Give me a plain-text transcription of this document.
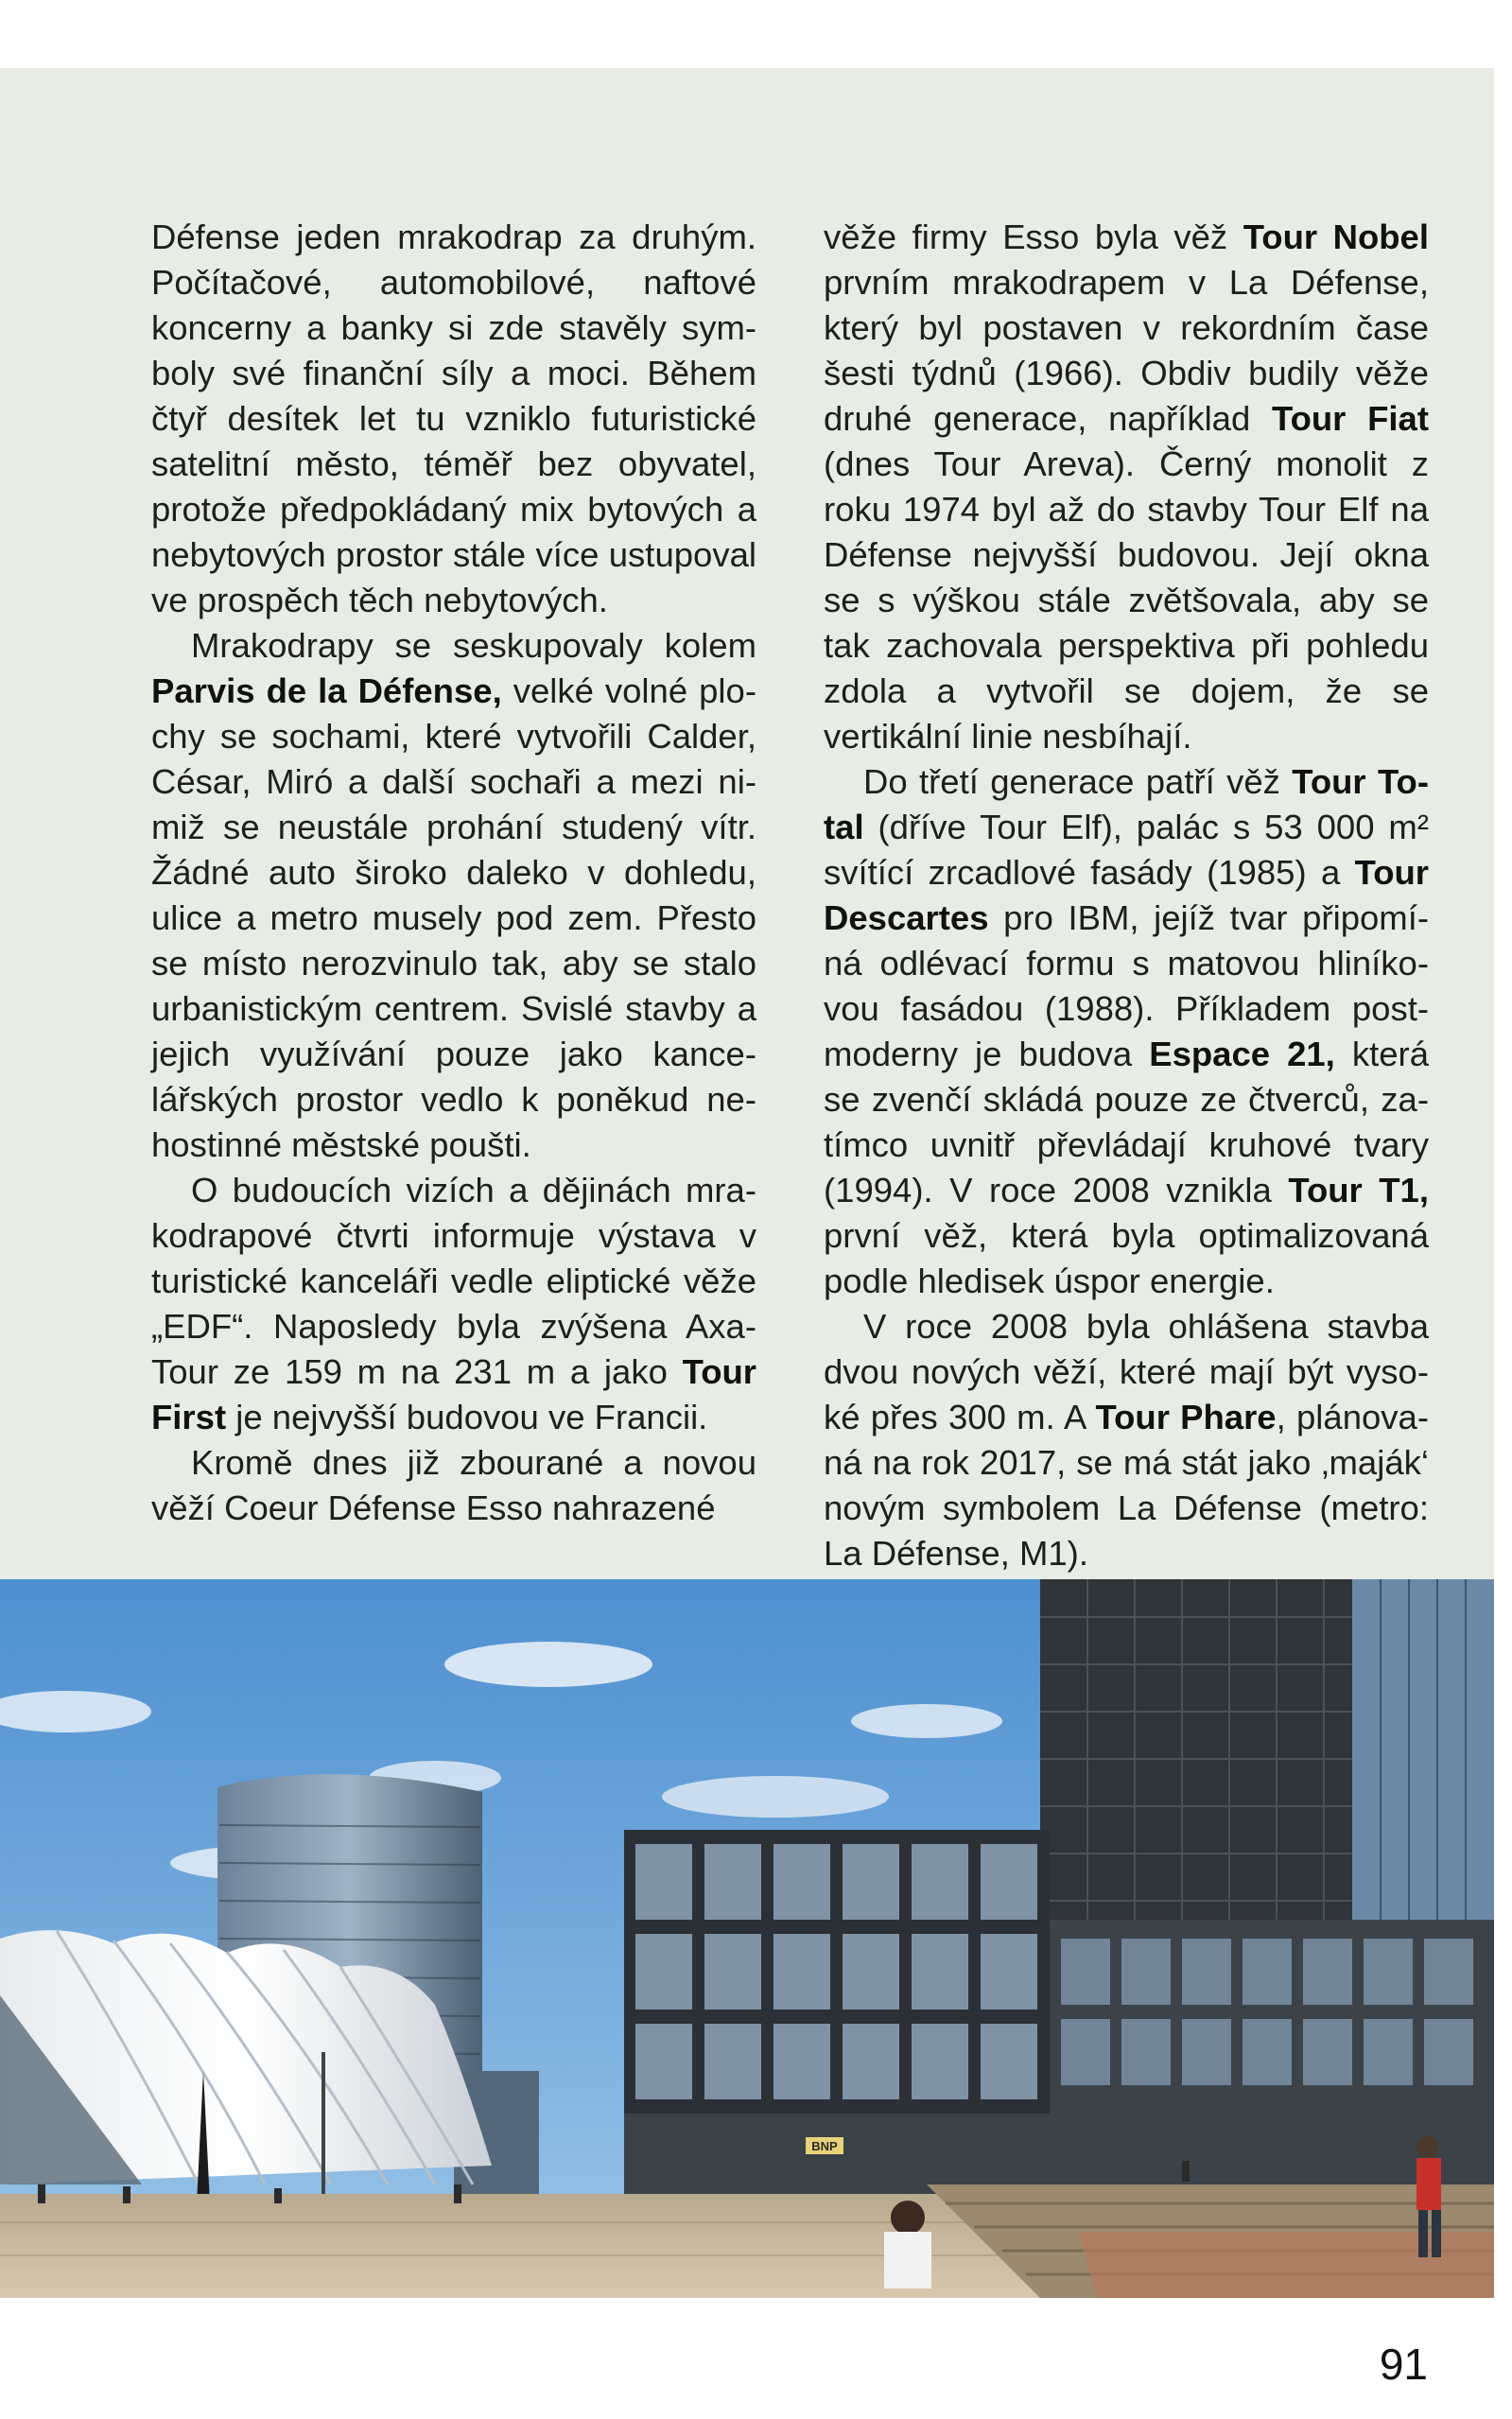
Défense jeden mrakodrap za druhým. Počítačové, automobilové, naftové koncerny a banky si zde stavěly symboly své finanční síly a moci. Během čtyř desítek let tu vzniklo futuristické satelitní město, téměř bez obyvatel, protože předpokládaný mix bytových a nebytových prostor stále více ustupoval ve prospěch těch nebytových.

Mrakodrapy se seskupovaly kolem Parvis de la Défense, velké volné plochy se sochami, které vytvořili Calder, César, Miró a další sochaři a mezi nimiž se neustále prohání studený vítr. Žádné auto široko daleko v dohledu, ulice a metro musely pod zem. Přesto se místo nerozvinulo tak, aby se stalo urbanistickým centrem. Svislé stavby a jejich využívání pouze jako kancelářských prostor vedlo k poněkud nehostinné městské poušti.

O budoucích vizích a dějinách mrakodrapové čtvrti informuje výstava v turistické kanceláři vedle eliptické věže „EDF“. Naposledy byla zvýšena Axa-Tour ze 159 m na 231 m a jako Tour First je nejvyšší budovou ve Francii.

Kromě dnes již zbourané a novou věží Coeur Défense Esso nahrazené

věže firmy Esso byla věž Tour Nobel prvním mrakodrapem v La Défense, který byl postaven v rekordním čase šesti týdnů (1966). Obdiv budily věže druhé generace, například Tour Fiat (dnes Tour Areva). Černý monolit z roku 1974 byl až do stavby Tour Elf na Défense nejvyšší budovou. Její okna se s výškou stále zvětšovala, aby se tak zachovala perspektiva při pohledu zdola a vytvořil se dojem, že se vertikální linie nesbíhají.

Do třetí generace patří věž Tour Total (dříve Tour Elf), palác s 53 000 m² svítící zrcadlové fasády (1985) a Tour Descartes pro IBM, jejíž tvar připomíná odlévací formu s matovou hliníkovou fasádou (1988). Příkladem postmoderny je budova Espace 21, která se zvenčí skládá pouze ze čtverců, zatímco uvnitř převládají kruhové tvary (1994). V roce 2008 vznikla Tour T1, první věž, která byla optimalizovaná podle hledisek úspor energie.

V roce 2008 byla ohlášena stavba dvou nových věží, které mají být vysoké přes 300 m. A Tour Phare, plánovaná na rok 2017, se má stát jako ‚maják‘ novým symbolem La Défense (metro: La Défense, M1).

BNP
91
